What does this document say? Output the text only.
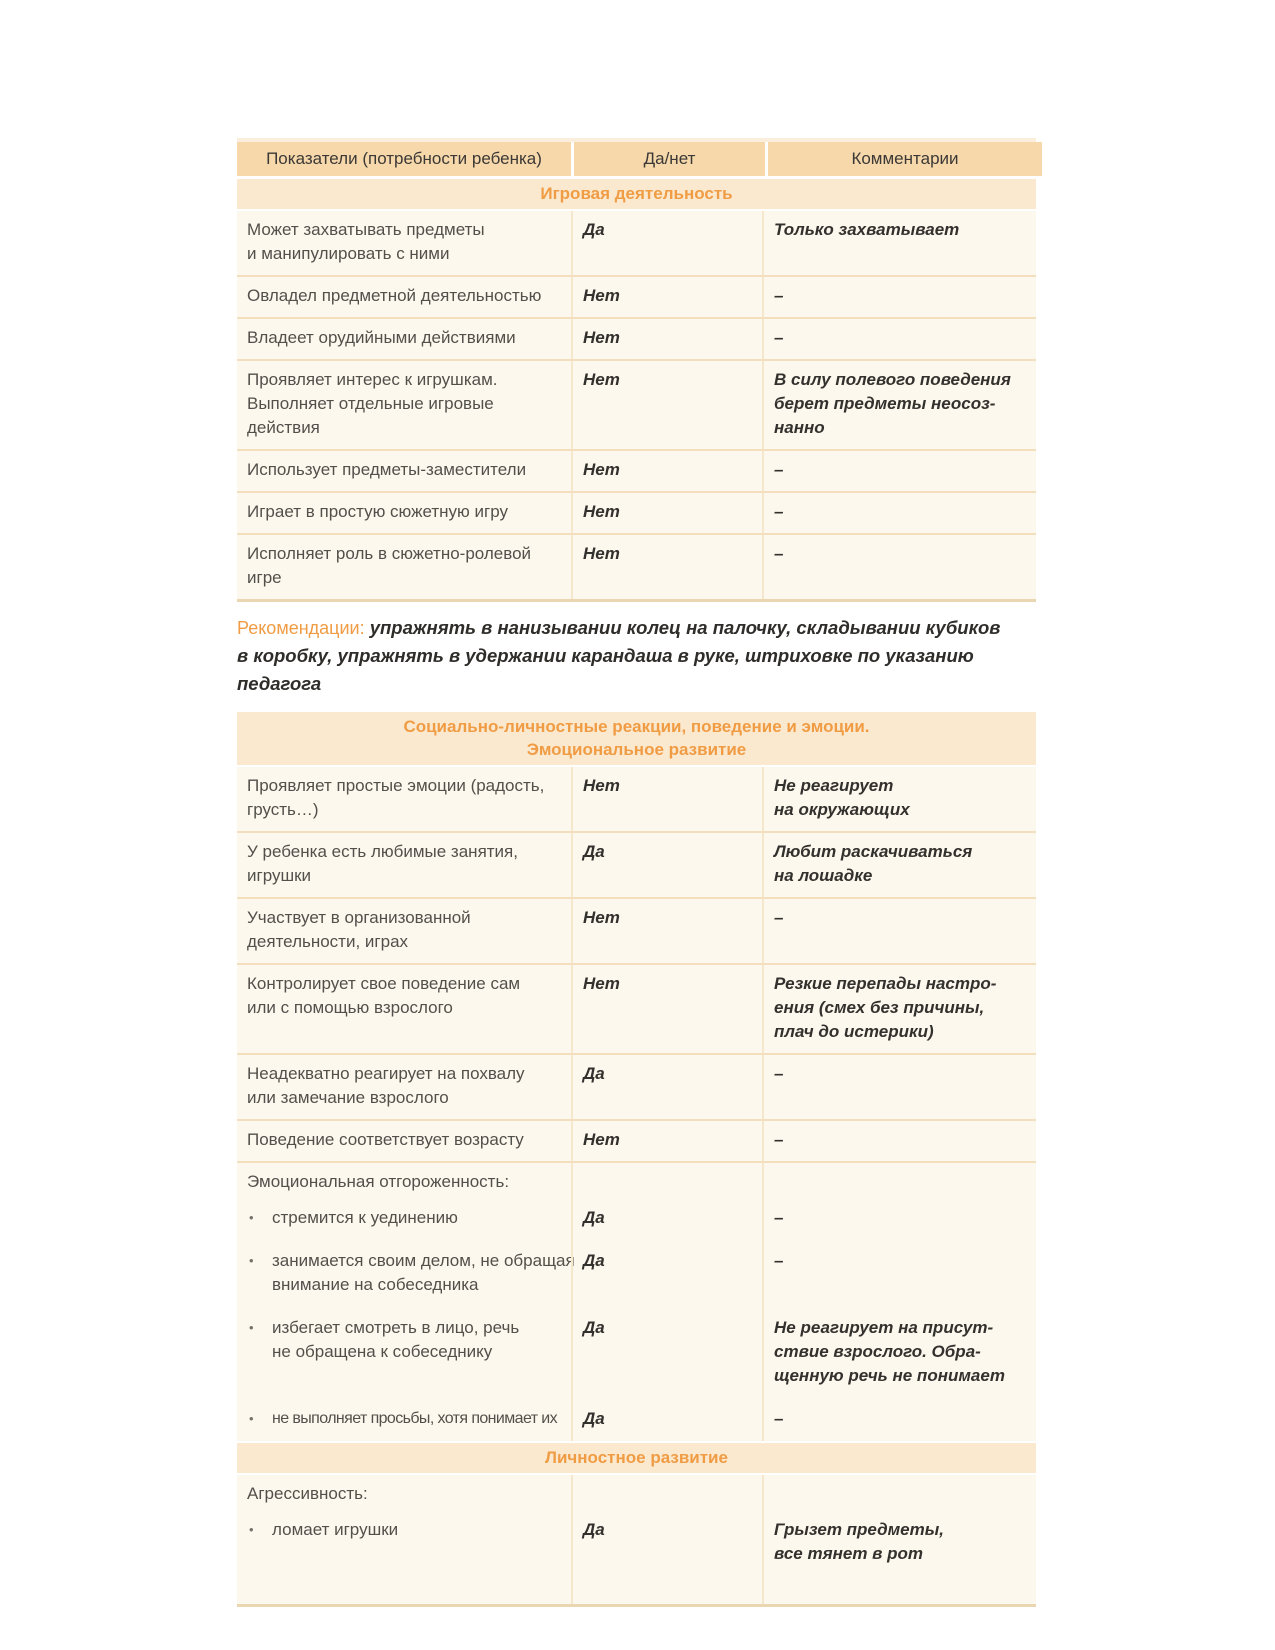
Показатели (потребности ребенка)	Да/нет	Комментарии
Игровая деятельность
Может захватывать предметы
и манипулировать с ними
Да	Только захватывает
Овладел предметной деятельностью	Нет	–
Владеет орудийными действиями	Нет	–
Проявляет интерес к игрушкам.
Выполняет отдельные игровые
действия
Нет	В силу полевого поведения
берет предметы неосоз-
нанно
Использует предметы-заместители	Нет	–
Играет в простую сюжетную игру	Нет	–
Исполняет роль в сюжетно-ролевой
игре
Нет	–

Рекомендации: упражнять в нанизывании колец на палочку, складывании кубиков
в коробку, упражнять в удержании карандаша в руке, штриховке по указанию
педагога

Социально-личностные реакции, поведение и эмоции.
Эмоциональное развитие
Проявляет простые эмоции (радость,
грусть…)
Нет	Не реагирует
на окружающих
У ребенка есть любимые занятия,
игрушки
Да	Любит раскачиваться
на лошадке
Участвует в организованной
деятельности, играх
Нет	–
Контролирует свое поведение сам
или с помощью взрослого
Нет	Резкие перепады настро-
ения (смех без причины,
плач до истерики)
Неадекватно реагирует на похвалу
или замечание взрослого
Да	–
Поведение соответствует возрасту	Нет	–
Эмоциональная отгороженность:
•
стремится к уединению	Да	–
•
занимается своим делом, не обращая
внимание на собеседника
Да	–
•
избегает смотреть в лицо, речь
не обращена к собеседнику
Да	Не реагирует на присут-
ствие взрослого. Обра-
щенную речь не понимает
•
не выполняет просьбы, хотя понимает их Да	–
Личностное развитие
Агрессивность:
•
ломает игрушки	Да	Грызет предметы,
все тянет в рот
